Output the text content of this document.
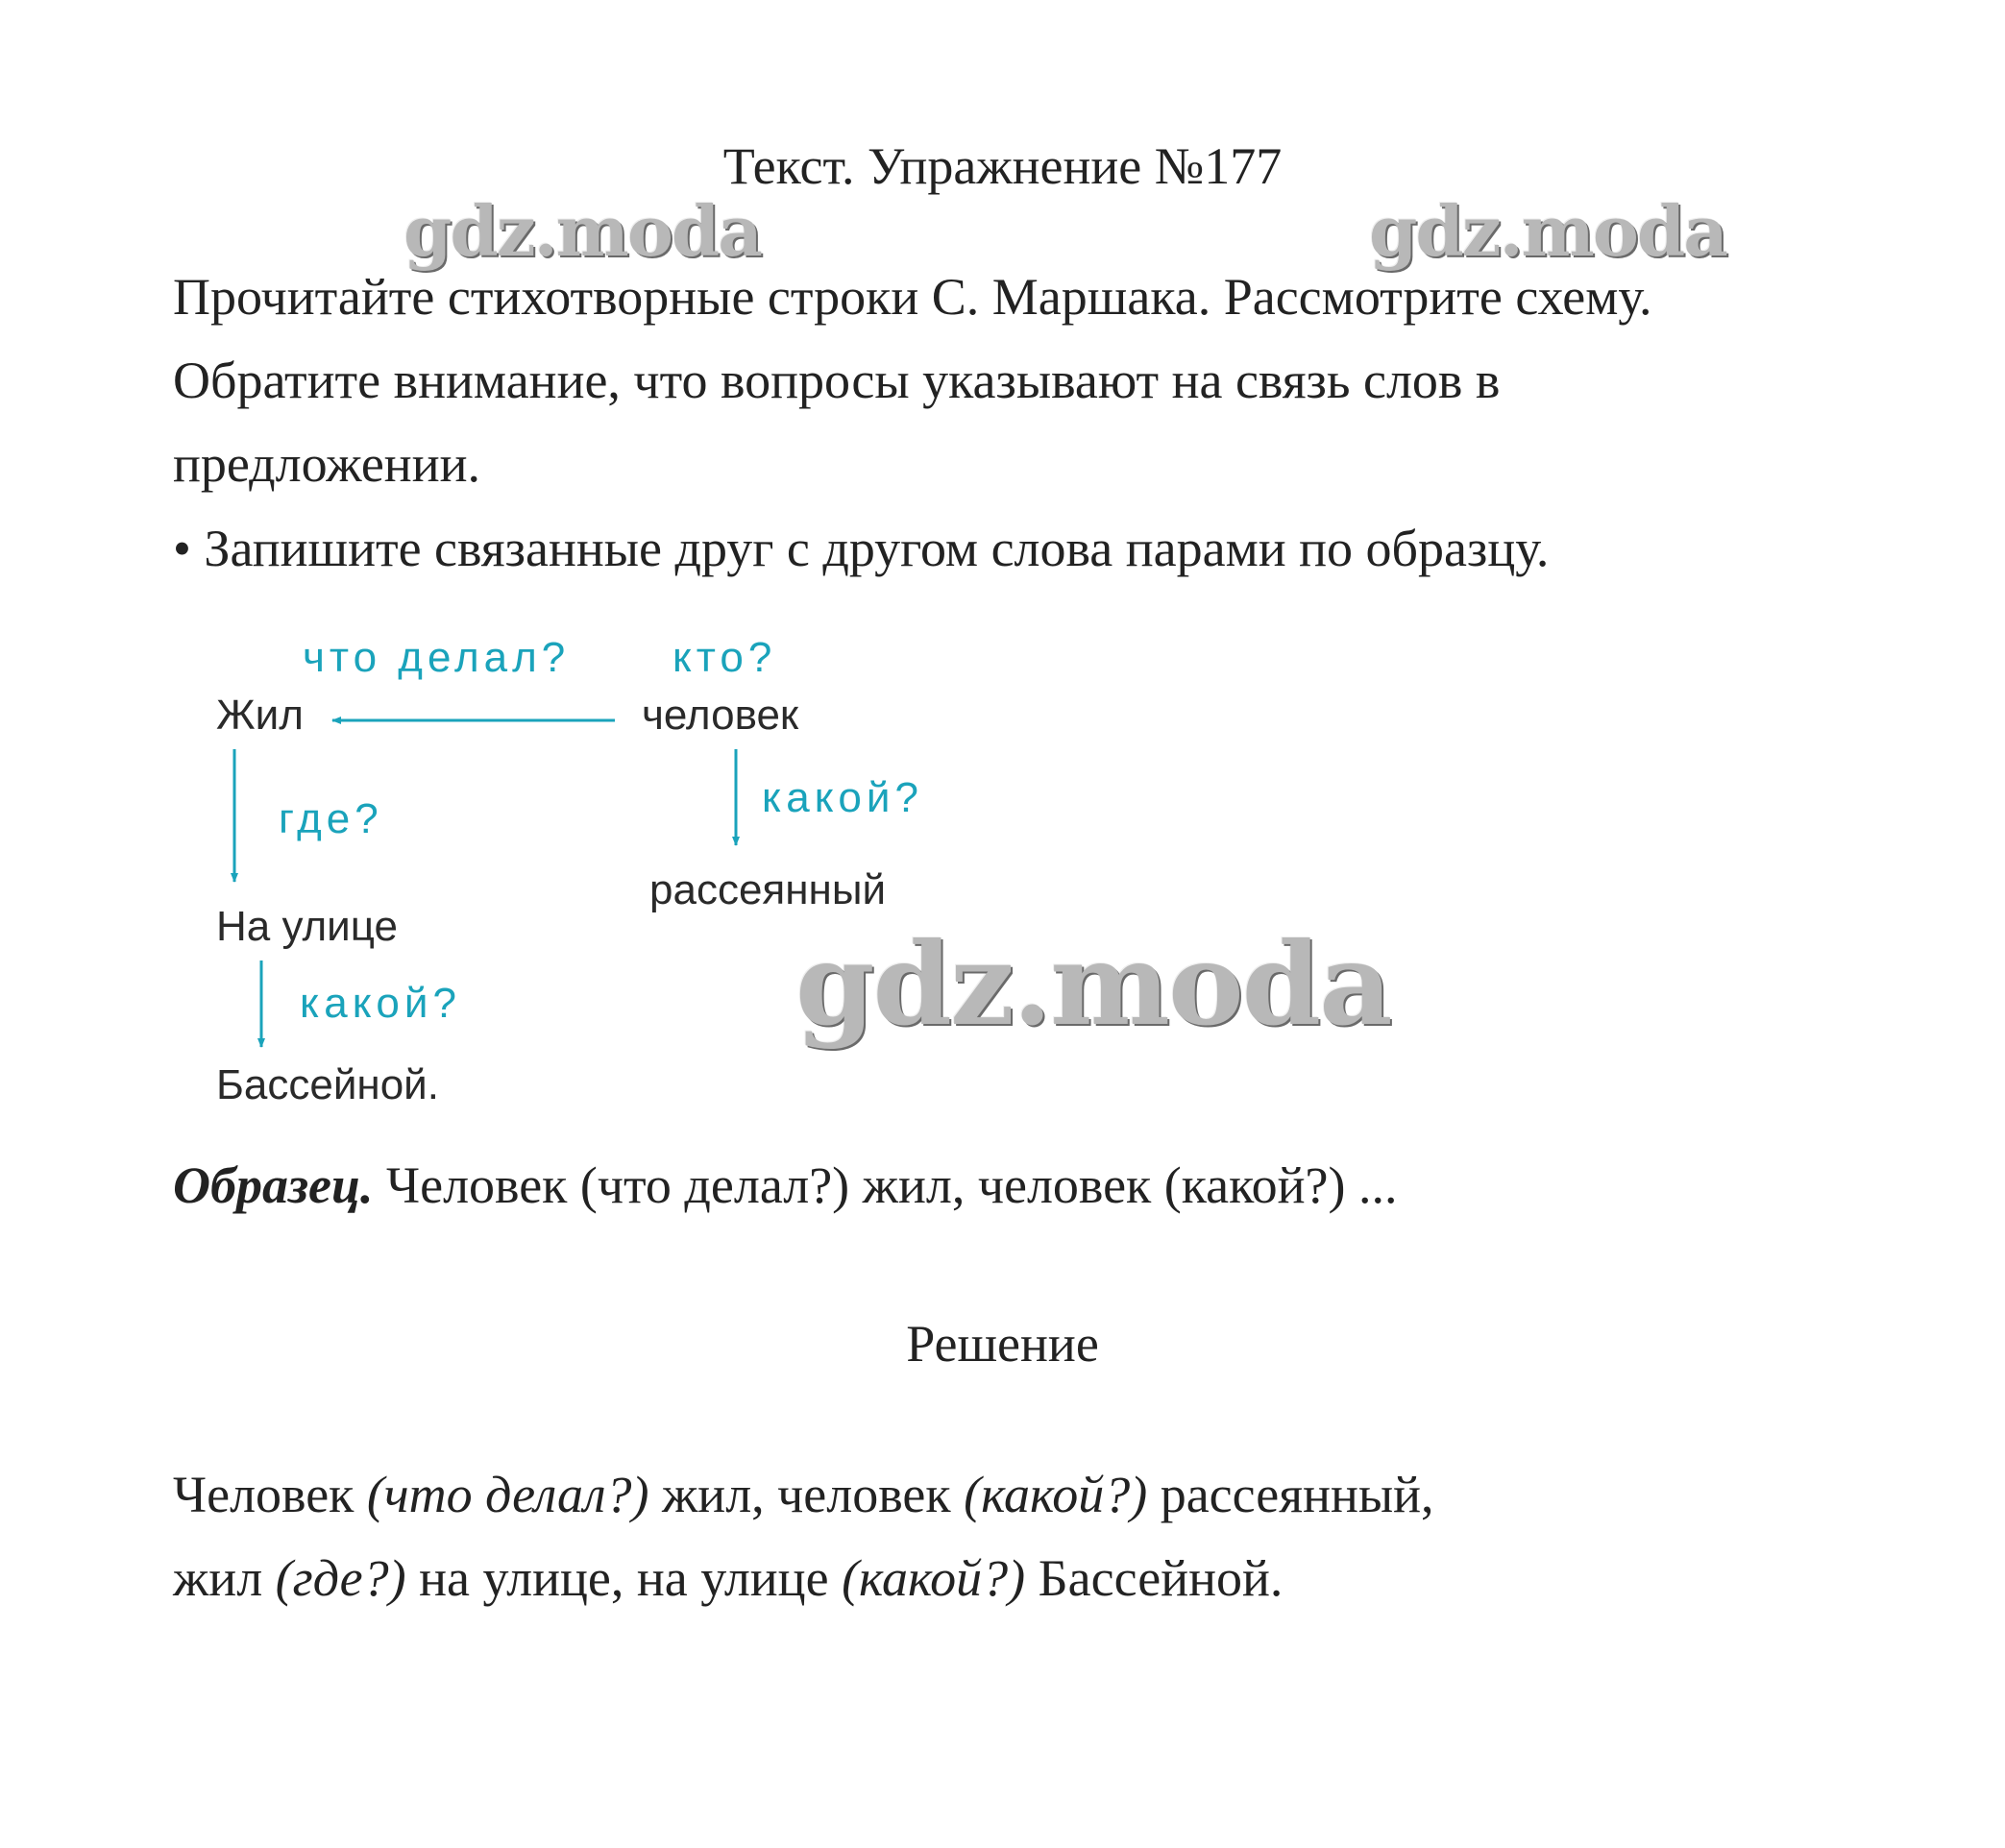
Текст. Упражнение №177
gdz.moda	gdz.moda
Прочитайте стихотворные строки С. Маршака. Рассмотрите схему.
Обратите внимание, что вопросы указывают на связь слов в
предложении.
• Запишите связанные друг с другом слова парами по образцу.
что делал? кто?
Жил	человек
где?	какой?
рассеянный
На улице
какой?
Бассейной.
gdz.moda
Образец. Человек (что делал?) жил, человек (какой?) ...
Решение
Человек (что делал?) жил, человек (какой?) рассеянный,
жил (где?) на улице, на улице (какой?) Бассейной.
